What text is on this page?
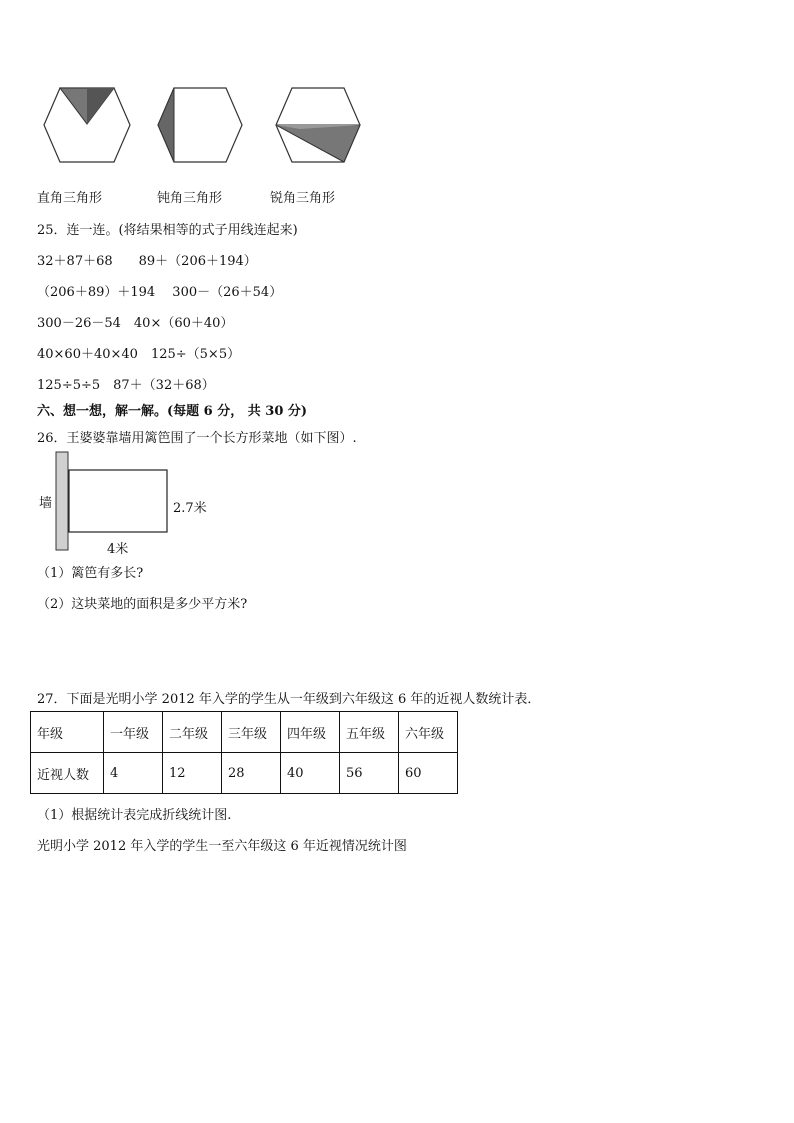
直角三角形	钝角三角形	锐角三角形
25．连一连。(将结果相等的式子用线连起来)
32＋87＋68　　89＋（206＋194）
（206＋89）＋194　 300－（26＋54）
300－26－54　40×（60＋40）
40×60＋40×40　125÷（5×5）
125÷5÷5　87＋（32＋68）
六、想一想，解一解。(每题 6 分， 共 30 分)
26．王婆婆靠墙用篱笆围了一个长方形菜地（如下图）.
墙	2.7米
4米
（1）篱笆有多长?
（2）这块菜地的面积是多少平方米?
27．下面是光明小学 2012 年入学的学生从一年级到六年级这 6 年的近视人数统计表．
年级	一年级	二年级	三年级	四年级	五年级	六年级
近视人数	4	12	28	40	56	60
（1）根据统计表完成折线统计图.
光明小学 2012 年入学的学生一至六年级这 6 年近视情况统计图
